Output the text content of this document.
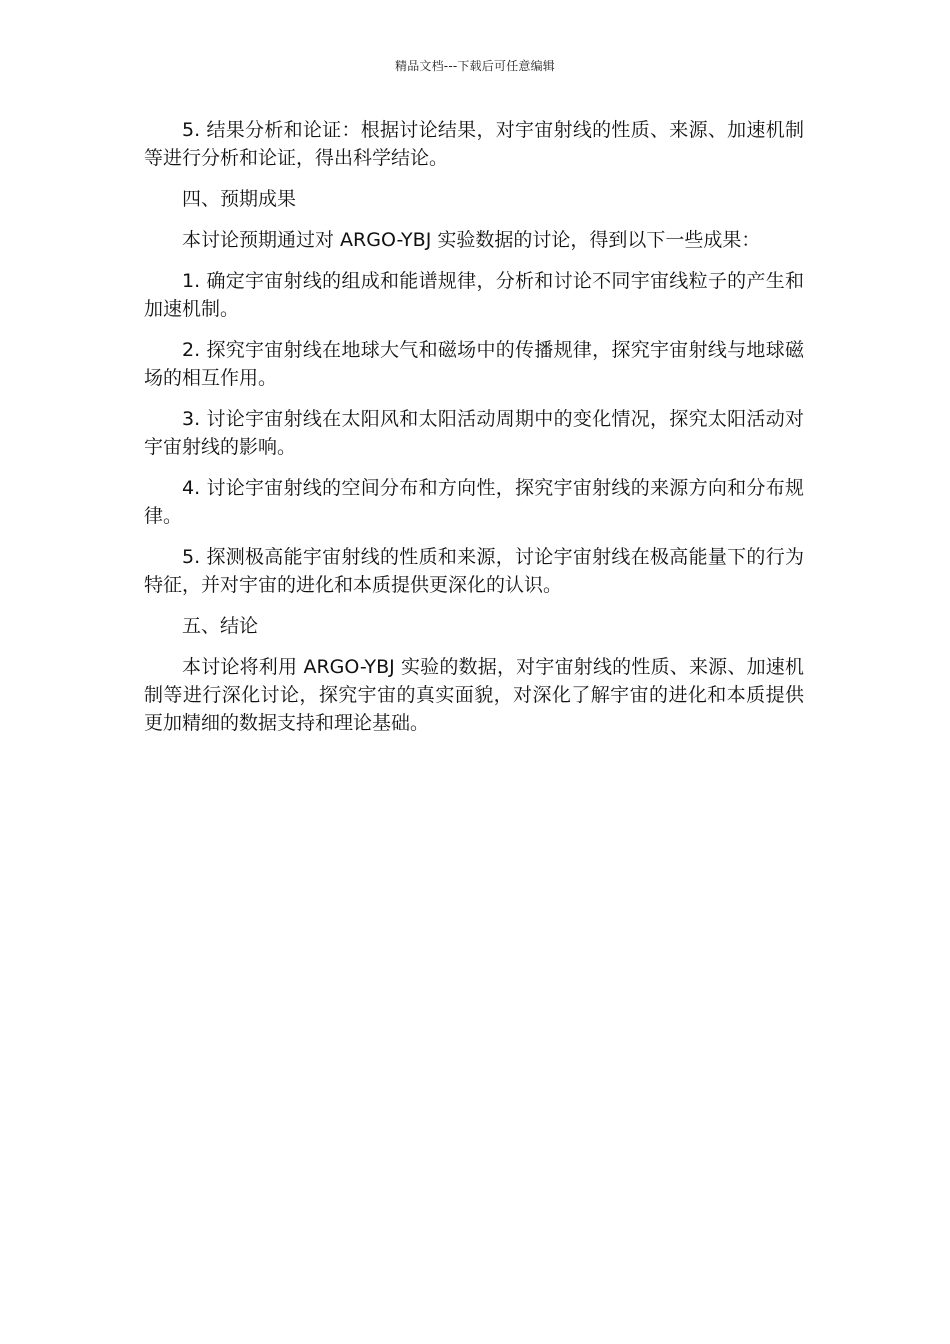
精品文档---下载后可任意编辑

5. 结果分析和论证：根据讨论结果，对宇宙射线的性质、来源、加速机制等进行分析和论证，得出科学结论。

四、预期成果

本讨论预期通过对 ARGO-YBJ 实验数据的讨论，得到以下一些成果：

1. 确定宇宙射线的组成和能谱规律，分析和讨论不同宇宙线粒子的产生和加速机制。

2. 探究宇宙射线在地球大气和磁场中的传播规律，探究宇宙射线与地球磁场的相互作用。

3. 讨论宇宙射线在太阳风和太阳活动周期中的变化情况，探究太阳活动对宇宙射线的影响。

4. 讨论宇宙射线的空间分布和方向性，探究宇宙射线的来源方向和分布规律。

5. 探测极高能宇宙射线的性质和来源，讨论宇宙射线在极高能量下的行为特征，并对宇宙的进化和本质提供更深化的认识。

五、结论

本讨论将利用 ARGO-YBJ 实验的数据，对宇宙射线的性质、来源、加速机制等进行深化讨论，探究宇宙的真实面貌，对深化了解宇宙的进化和本质提供更加精细的数据支持和理论基础。
